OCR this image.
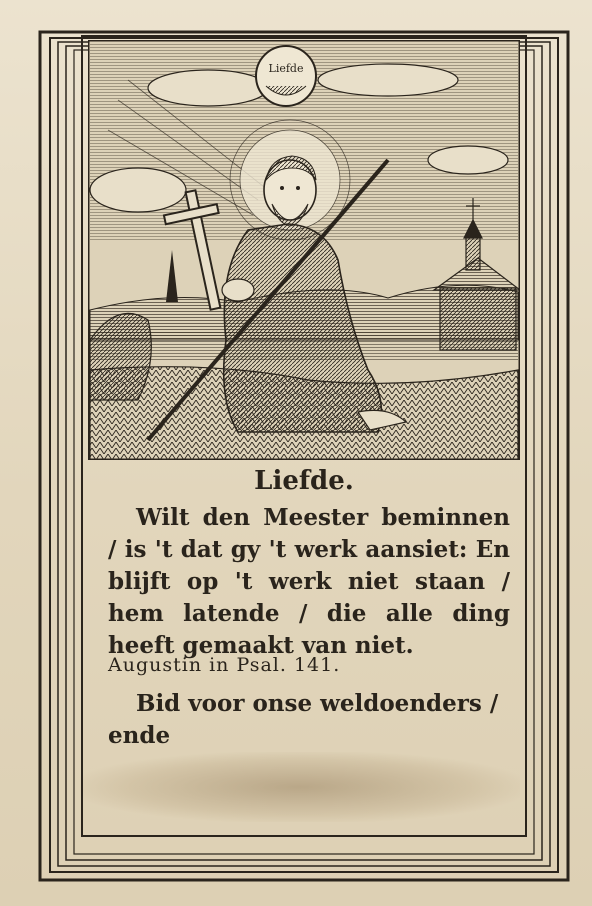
Liefde
Liefde.

Wilt den Meester beminnen / is 't dat gy 't werk aansiet: En blijft op 't werk niet staan / hem latende / die alle ding heeft gemaakt van niet.

Augustin in Psal. 141.

Bid voor onse weldoenders / ende
